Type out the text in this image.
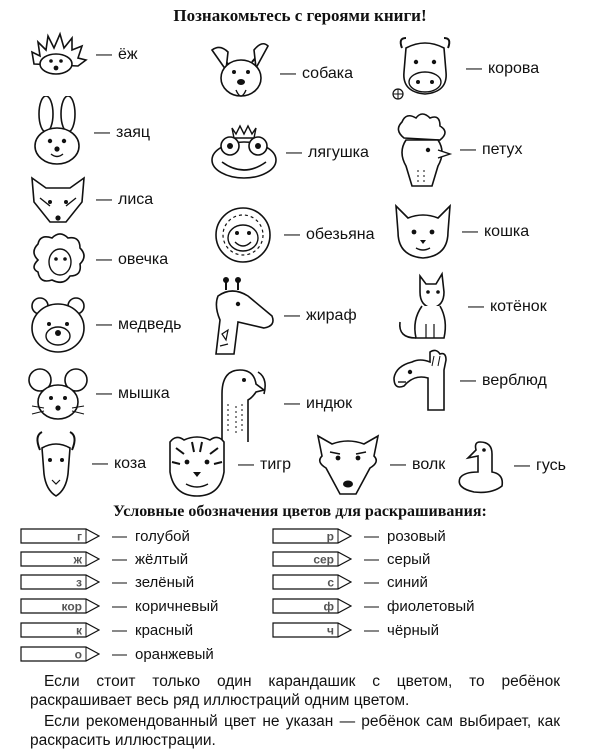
Познакомьтесь с героями книги!
— ёж
— заяц
— лиса
— овечка
— медведь
— мышка
— собака
— лягушка
— обезьяна
— жираф
— индюк
— корова
— петух
— кошка
— котёнок
— верблюд
— коза	— тигр	— волк	— гусь
Условные обозначения цветов для раскрашивания:
г — голубой
ж — жёлтый
з — зелёный
кор — коричневый
к — красный
о — оранжевый
р — розовый
сер — серый
с — синий
ф — фиолетовый
ч — чёрный
Если стоит только один карандашик с цветом, то ребёнок раскрашивает весь ряд иллюстраций одним цветом.
Если рекомендованный цвет не указан — ребёнок сам выбирает, как раскрасить иллюстрации.
